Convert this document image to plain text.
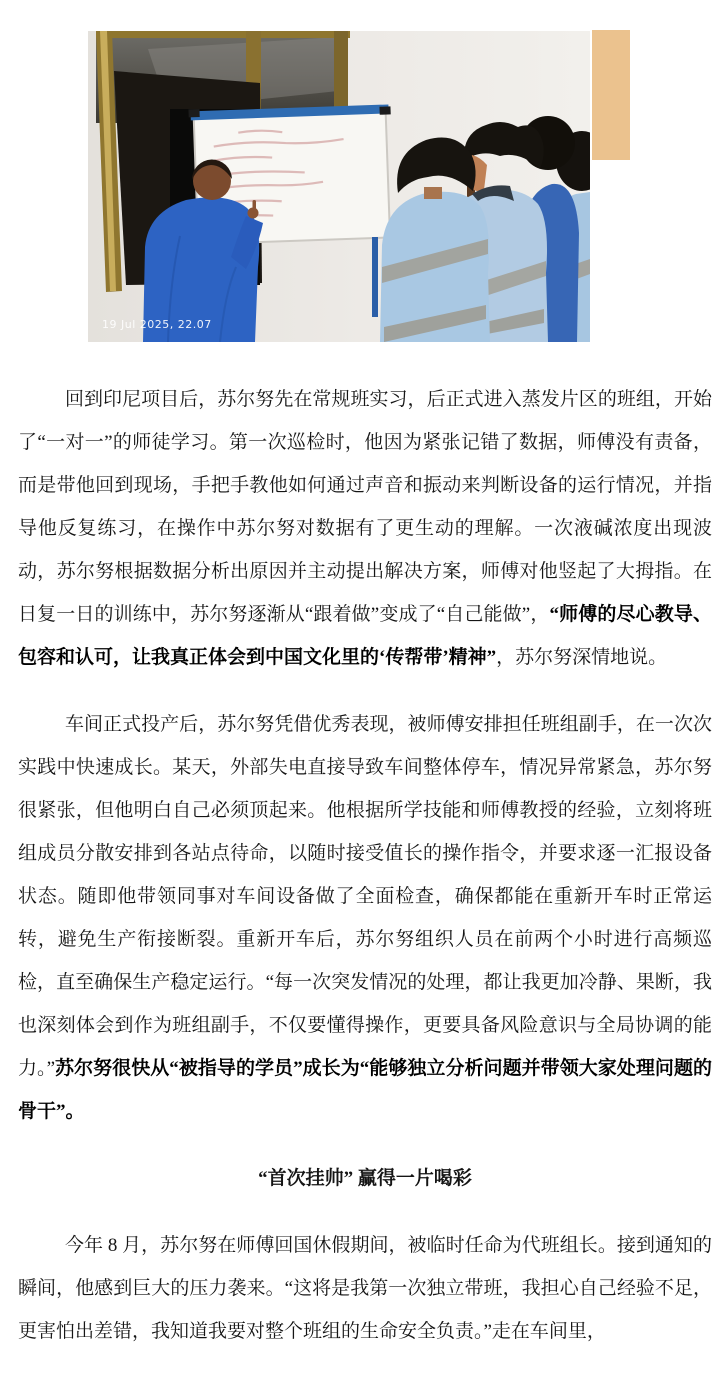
19 Jul 2025, 22.07

回到印尼项目后，苏尔努先在常规班实习，后正式进入蒸发片区的班组，开始了“一对一”的师徒学习。第一次巡检时，他因为紧张记错了数据，师傅没有责备，而是带他回到现场，手把手教他如何通过声音和振动来判断设备的运行情况，并指导他反复练习，在操作中苏尔努对数据有了更生动的理解。一次液碱浓度出现波动，苏尔努根据数据分析出原因并主动提出解决方案，师傅对他竖起了大拇指。在日复一日的训练中，苏尔努逐渐从“跟着做”变成了“自己能做”，“师傅的尽心教导、包容和认可，让我真正体会到中国文化里的‘传帮带’精神”，苏尔努深情地说。

车间正式投产后，苏尔努凭借优秀表现，被师傅安排担任班组副手，在一次次实践中快速成长。某天，外部失电直接导致车间整体停车，情况异常紧急，苏尔努很紧张，但他明白自己必须顶起来。他根据所学技能和师傅教授的经验，立刻将班组成员分散安排到各站点待命，以随时接受值长的操作指令，并要求逐一汇报设备状态。随即他带领同事对车间设备做了全面检查，确保都能在重新开车时正常运转，避免生产衔接断裂。重新开车后，苏尔努组织人员在前两个小时进行高频巡检，直至确保生产稳定运行。“每一次突发情况的处理，都让我更加冷静、果断，我也深刻体会到作为班组副手，不仅要懂得操作，更要具备风险意识与全局协调的能力。”苏尔努很快从“被指导的学员”成长为“能够独立分析问题并带领大家处理问题的骨干”。

“首次挂帅” 赢得一片喝彩

今年 8 月，苏尔努在师傅回国休假期间，被临时任命为代班组长。接到通知的瞬间，他感到巨大的压力袭来。“这将是我第一次独立带班，我担心自己经验不足，更害怕出差错，我知道我要对整个班组的生命安全负责。”走在车间里，
